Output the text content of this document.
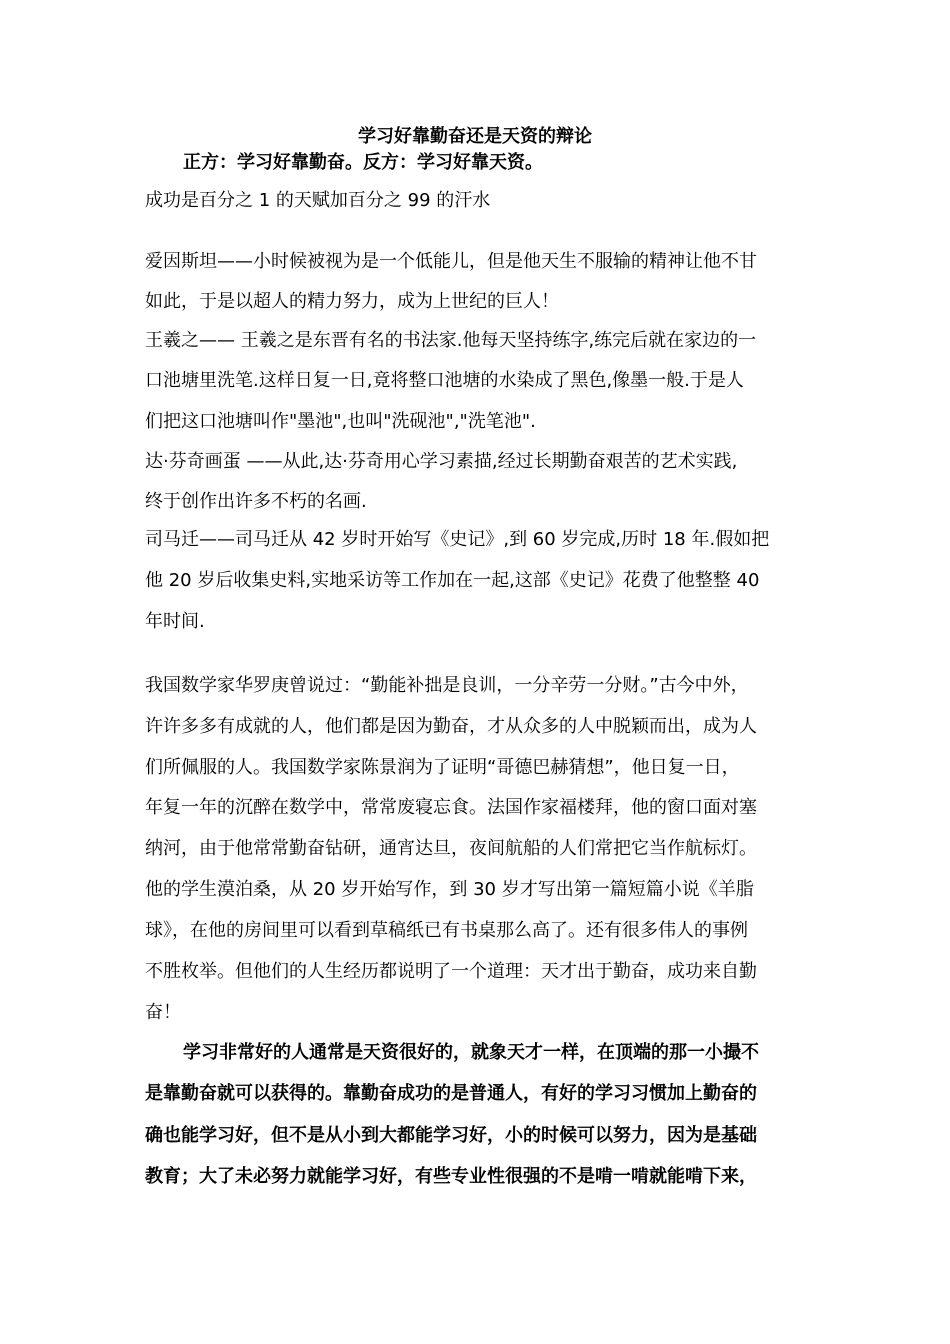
学习好靠勤奋还是天资的辩论

正方：学习好靠勤奋。反方：学习好靠天资。

成功是百分之 1 的天赋加百分之 99 的汗水

爱因斯坦——小时候被视为是一个低能儿，但是他天生不服输的精神让他不甘

如此，于是以超人的精力努力，成为上世纪的巨人！

王羲之—— 王羲之是东晋有名的书法家.他每天坚持练字,练完后就在家边的一

口池塘里洗笔.这样日复一日,竟将整口池塘的水染成了黑色,像墨一般.于是人

们把这口池塘叫作"墨池",也叫"洗砚池","洗笔池".

达·芬奇画蛋 ——从此,达·芬奇用心学习素描,经过长期勤奋艰苦的艺术实践,

终于创作出许多不朽的名画.

司马迁——司马迁从 42 岁时开始写《史记》,到 60 岁完成,历时 18 年.假如把

他 20 岁后收集史料,实地采访等工作加在一起,这部《史记》花费了他整整 40

年时间.

我国数学家华罗庚曾说过：“勤能补拙是良训，一分辛劳一分财。”古今中外，

许许多多有成就的人，他们都是因为勤奋，才从众多的人中脱颖而出，成为人

们所佩服的人。我国数学家陈景润为了证明“哥德巴赫猜想”，他日复一日，

年复一年的沉醉在数学中，常常废寝忘食。法国作家福楼拜，他的窗口面对塞

纳河，由于他常常勤奋钻研，通宵达旦，夜间航船的人们常把它当作航标灯。

他的学生漠泊桑，从 20 岁开始写作，到 30 岁才写出第一篇短篇小说《羊脂

球》，在他的房间里可以看到草稿纸已有书桌那么高了。还有很多伟人的事例

不胜枚举。但他们的人生经历都说明了一个道理：天才出于勤奋，成功来自勤

奋！

学习非常好的人通常是天资很好的，就象天才一样，在顶端的那一小撮不

是靠勤奋就可以获得的。靠勤奋成功的是普通人，有好的学习习惯加上勤奋的

确也能学习好，但不是从小到大都能学习好，小的时候可以努力，因为是基础

教育；大了未必努力就能学习好，有些专业性很强的不是啃一啃就能啃下来，
